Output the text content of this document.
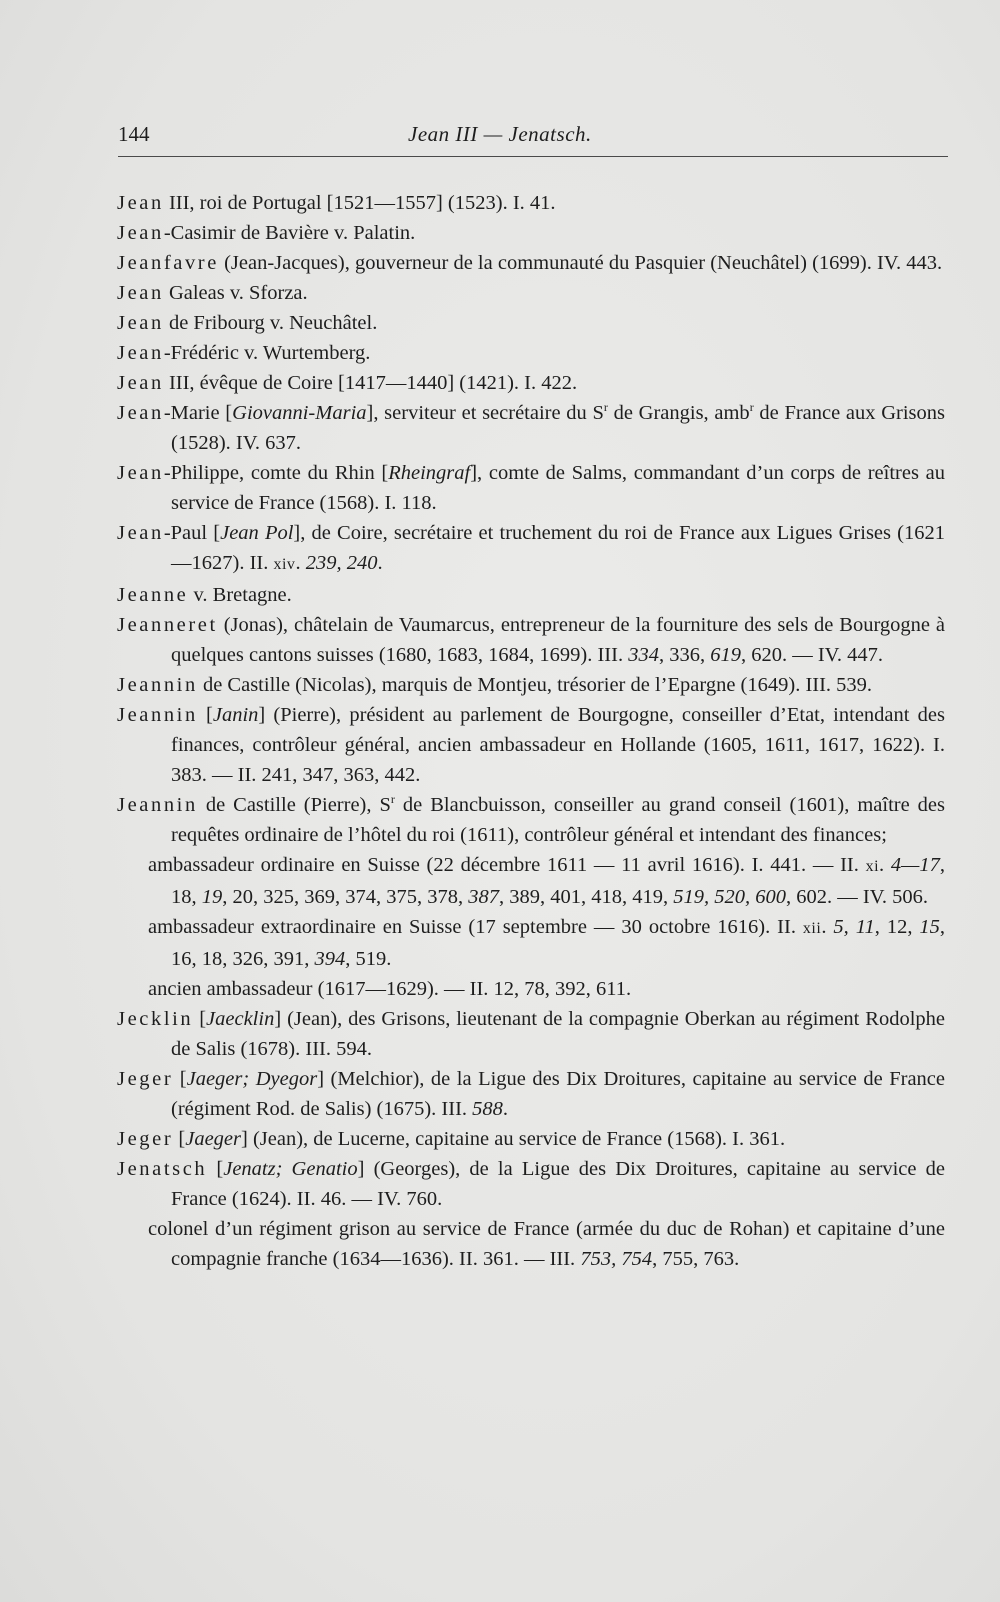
144	Jean III — Jenatsch.
Jean III, roi de Portugal [1521—1557] (1523). I. 41.
Jean-Casimir de Bavière v. Palatin.
Jeanfavre (Jean-Jacques), gouverneur de la communauté du Pasquier (Neuchâtel) (1699). IV. 443.
Jean Galeas v. Sforza.
Jean de Fribourg v. Neuchâtel.
Jean-Frédéric v. Wurtemberg.
Jean III, évêque de Coire [1417—1440] (1421). I. 422.
Jean-Marie [Giovanni-Maria], serviteur et secrétaire du $S^r$ de Grangis, amb$^r$ de France aux Grisons (1528). IV. 637.
Jean-Philippe, comte du Rhin [Rheingraf], comte de Salms, commandant d’un corps de reîtres au service de France (1568). I. 118.
Jean-Paul [Jean Pol], de Coire, secrétaire et truchement du roi de France aux Ligues Grises (1621—1627). II. xiv. 239, 240.
Jeanne v. Bretagne.
Jeanneret (Jonas), châtelain de Vaumarcus, entrepreneur de la fourniture des sels de Bourgogne à quelques cantons suisses (1680, 1683, 1684, 1699). III. 334, 336, 619, 620. — IV. 447.
Jeannin de Castille (Nicolas), marquis de Montjeu, trésorier de l’Epargne (1649). III. 539.
Jeannin [Janin] (Pierre), président au parlement de Bourgogne, conseiller d’Etat, intendant des finances, contrôleur général, ancien ambassadeur en Hollande (1605, 1611, 1617, 1622). I. 383. — II. 241, 347, 363, 442.
Jeannin de Castille (Pierre), $S^r$ de Blancbuisson, conseiller au grand conseil (1601), maître des requêtes ordinaire de l’hôtel du roi (1611), contrôleur général et intendant des finances;
ambassadeur ordinaire en Suisse (22 décembre 1611 — 11 avril 1616). I. 441. — II. xi. 4—17, 18, 19, 20, 325, 369, 374, 375, 378, 387, 389, 401, 418, 419, 519, 520, 600, 602. — IV. 506.
ambassadeur extraordinaire en Suisse (17 septembre — 30 octobre 1616). II. xii. 5, 11, 12, 15, 16, 18, 326, 391, 394, 519.
ancien ambassadeur (1617—1629). — II. 12, 78, 392, 611.
Jecklin [Jaecklin] (Jean), des Grisons, lieutenant de la compagnie Oberkan au régiment Rodolphe de Salis (1678). III. 594.
Jeger [Jaeger; Dyegor] (Melchior), de la Ligue des Dix Droitures, capitaine au service de France (régiment Rod. de Salis) (1675). III. 588.
Jeger [Jaeger] (Jean), de Lucerne, capitaine au service de France (1568). I. 361.
Jenatsch [Jenatz; Genatio] (Georges), de la Ligue des Dix Droitures, capitaine au service de France (1624). II. 46. — IV. 760.
colonel d’un régiment grison au service de France (armée du duc de Rohan) et capitaine d’une compagnie franche (1634—1636). II. 361. — III. 753, 754, 755, 763.
